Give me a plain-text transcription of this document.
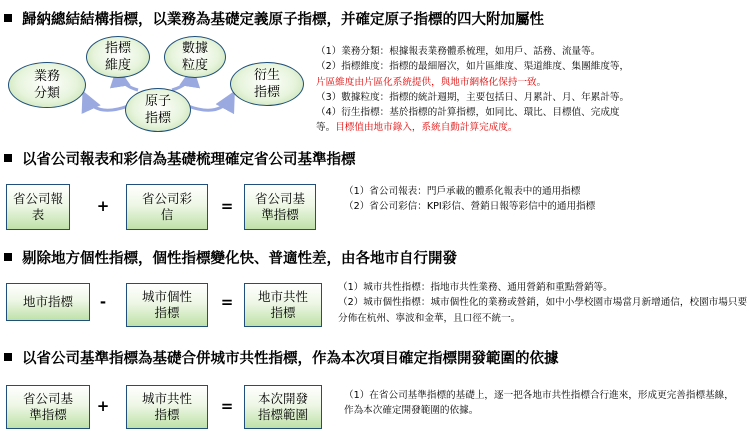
歸納總結結構指標，以業務為基礎定義原子指標，并確定原子指標的四大附加屬性
業務
分類
指標
維度
數據
粒度
原子
指標
衍生
指標

（1）業務分類：根據報表業務體系梳理，如用戶、話務、流量等。

（2）指標維度：指標的最細層次，如片區維度、渠道維度、集團維度等，

片區維度由片區化系統提供，與地市網格化保持一致。

（3）數據粒度：指標的統計週期，主要包括日、月累計、月、年累計等。

（4）衍生指標：基於指標的計算指標，如同比、環比、目標值、完成度

等。目標值由地市錄入，系統自動計算完成度。

以省公司報表和彩信為基礎梳理確定省公司基準指標
省公司報
表	+	省公司彩
信	= 省公司基
準指標

（1）省公司報表：門戶承載的體系化報表中的通用指標

（2）省公司彩信：KPI彩信、營銷日報等彩信中的通用指標

剔除地方個性指標，個性指標變化快、普適性差，由各地市自行開發
地市指標	-	城市個性
指標
= 地市共性
指標

（1）城市共性指標：指地市共性業務、通用營銷和重點營銷等。

（2）城市個性指標：城市個性化的業務或營銷，如中小學校園市場當月新增通信，校園市場只要分佈在杭州、寧波和金華，且口徑不統一。

以省公司基準指標為基礎合併城市共性指標，作為本次項目確定指標開發範圍的依據
省公司基
準指標	+	城市共性
指標	= 本次開發
指標範圍

（1）在省公司基準指標的基礎上，逐一把各地市共性指標合行進來，形成更完善指標基線，作為本次確定開發範圍的依據。
